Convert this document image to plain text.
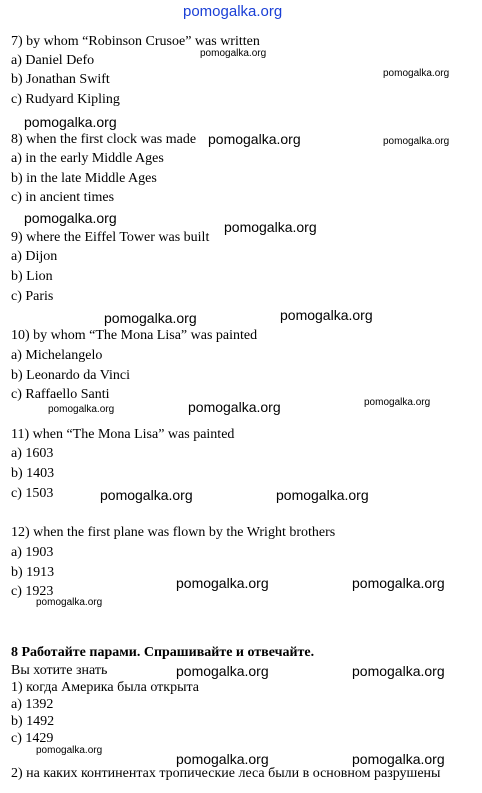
pomogalka.org
7) by whom “Robinson Crusoe” was written
a) Daniel Defo
b) Jonathan Swift
c) Rudyard Kipling
8) when the first clock was made
a) in the early Middle Ages
b) in the late Middle Ages
c) in ancient times
9) where the Eiffel Tower was built
a) Dijon
b) Lion
c) Paris
10) by whom “The Mona Lisa” was painted
a) Michelangelo
b) Leonardo da Vinci
c) Raffaello Santi
11) when “The Mona Lisa” was painted
a) 1603
b) 1403
c) 1503
12) when the first plane was flown by the Wright brothers
a) 1903
b) 1913
c) 1923
8 Работайте парами. Спрашивайте и отвечайте.
Вы хотите знать
1) когда Америка была открыта
a) 1392
b) 1492
c) 1429
2) на каких континентах тропические леса были в основном разрушены
pomogalka.org
pomogalka.org
pomogalka.org
pomogalka.org	pomogalka.org
pomogalka.org
pomogalka.org
pomogalka.org	pomogalka.org
pomogalka.org	pomogalka.org	pomogalka.org
pomogalka.org	pomogalka.org
pomogalka.org	pomogalka.org
pomogalka.org
pomogalka.org	pomogalka.org
pomogalka.org
pomogalka.org	pomogalka.org
